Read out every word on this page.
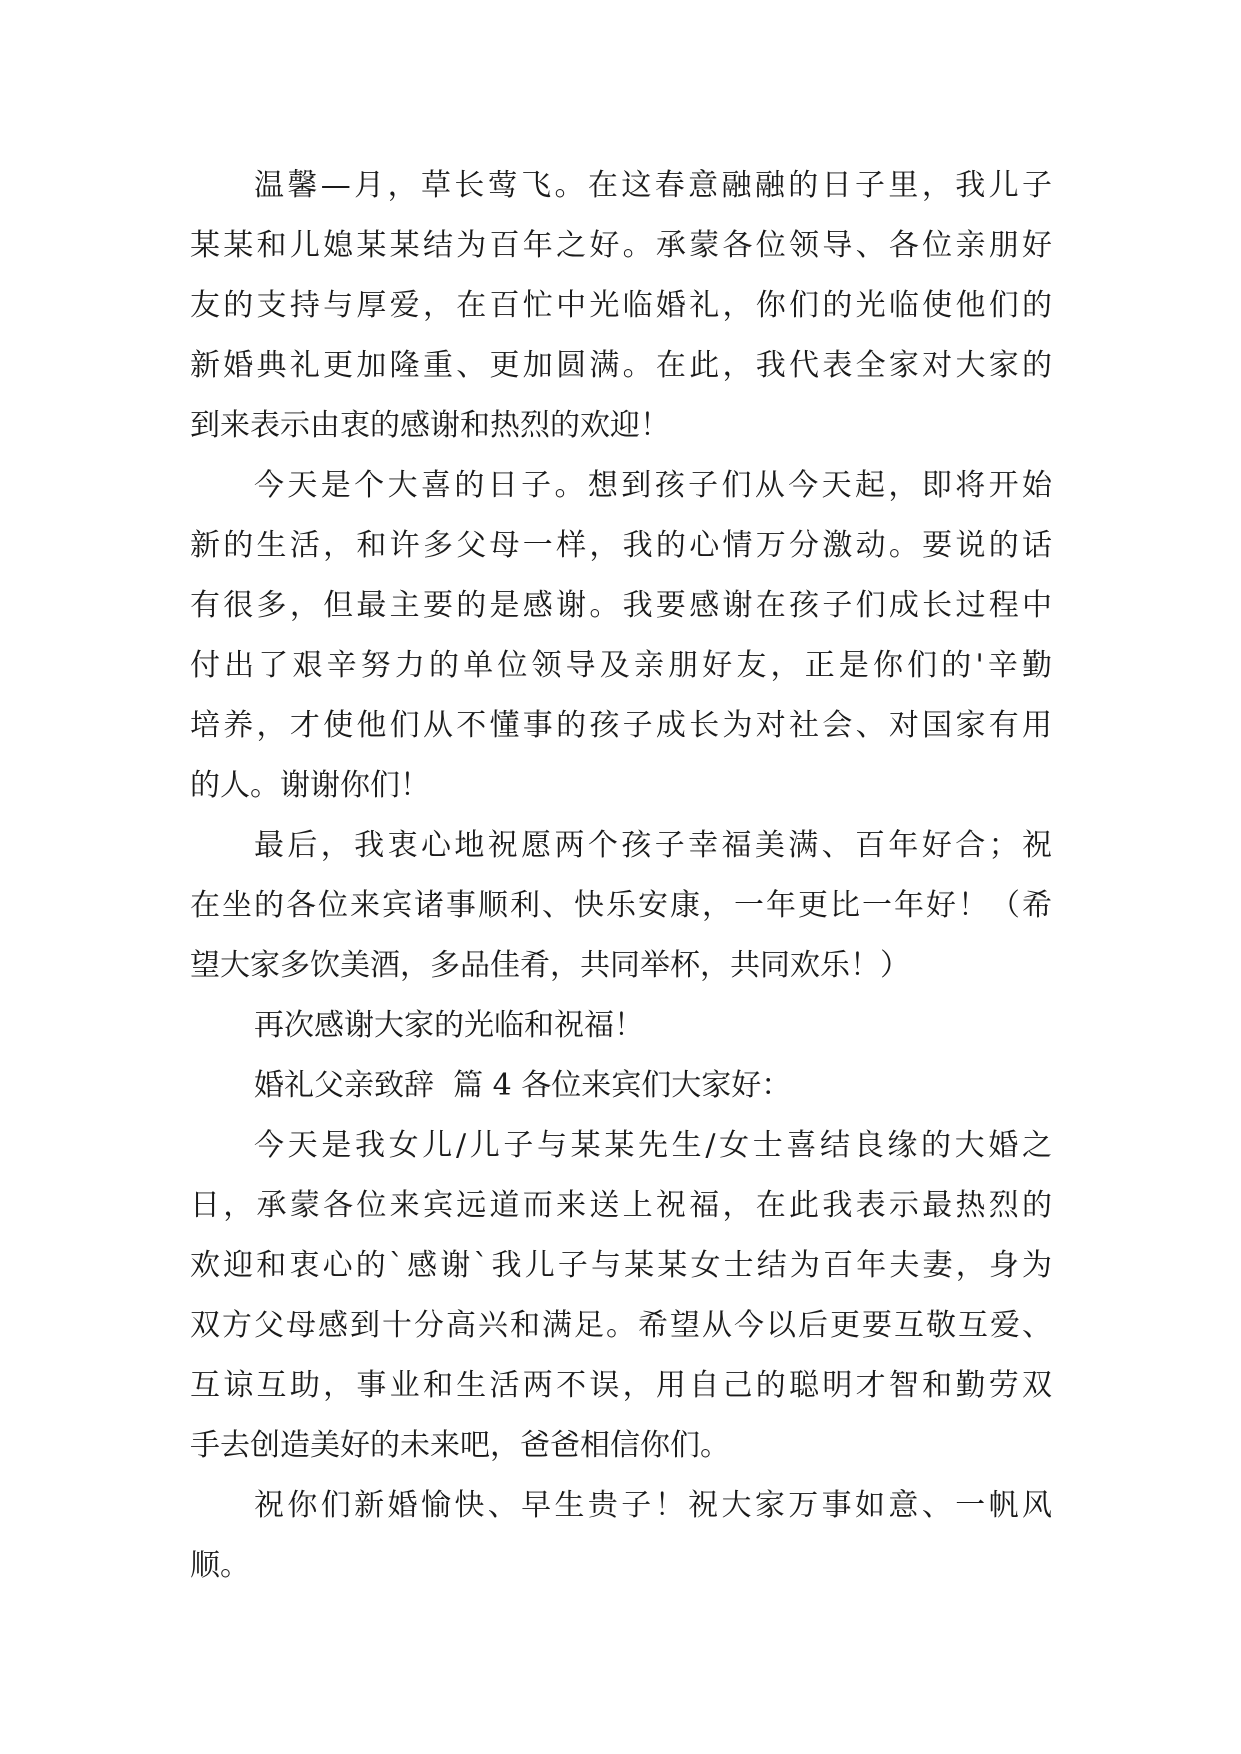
温馨—月，草长莺飞。在这春意融融的日子里，我儿子
某某和儿媳某某结为百年之好。承蒙各位领导、各位亲朋好
友的支持与厚爱，在百忙中光临婚礼，你们的光临使他们的
新婚典礼更加隆重、更加圆满。在此，我代表全家对大家的
到来表示由衷的感谢和热烈的欢迎！
今天是个大喜的日子。想到孩子们从今天起，即将开始
新的生活，和许多父母一样，我的心情万分激动。要说的话
有很多，但最主要的是感谢。我要感谢在孩子们成长过程中
付出了艰辛努力的单位领导及亲朋好友，正是你们的'辛勤
培养，才使他们从不懂事的孩子成长为对社会、对国家有用
的人。谢谢你们！
最后，我衷心地祝愿两个孩子幸福美满、百年好合；祝
在坐的各位来宾诸事顺利、快乐安康，一年更比一年好！（希
望大家多饮美酒，多品佳肴，共同举杯，共同欢乐！）
再次感谢大家的光临和祝福！
婚礼父亲致辞  篇 4 各位来宾们大家好：
今天是我女儿/儿子与某某先生/女士喜结良缘的大婚之
日，承蒙各位来宾远道而来送上祝福，在此我表示最热烈的
欢迎和衷心的`感谢`我儿子与某某女士结为百年夫妻，身为
双方父母感到十分高兴和满足。希望从今以后更要互敬互爱、
互谅互助，事业和生活两不误，用自己的聪明才智和勤劳双
手去创造美好的未来吧，爸爸相信你们。
祝你们新婚愉快、早生贵子！祝大家万事如意、一帆风
顺。
